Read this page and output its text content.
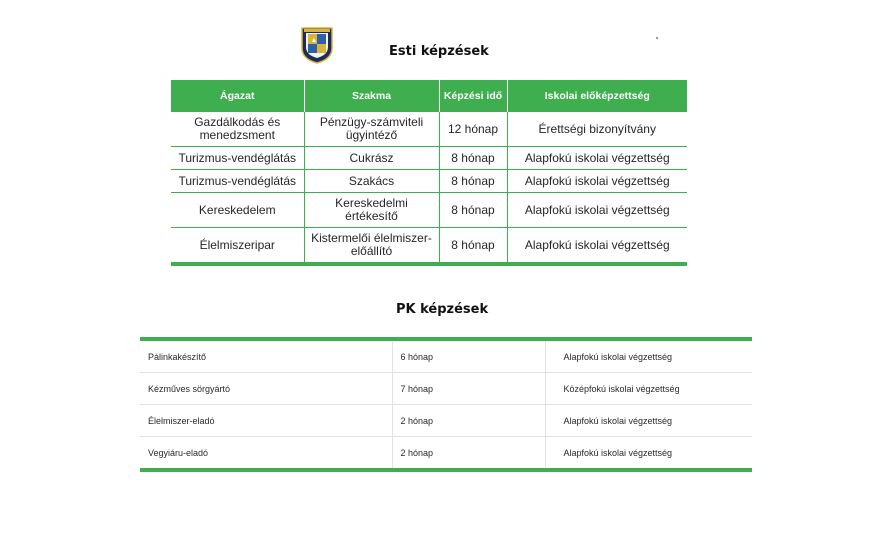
Esti képzések
Ágazat	Szakma	Képzési idő	Iskolai előképzettség
Gazdálkodás és menedzsment	Pénzügy-számviteli ügyintéző	12 hónap	Érettségi bizonyítvány
Turizmus-vendéglátás	Cukrász	8 hónap	Alapfokú iskolai végzettség
Turizmus-vendéglátás	Szakács	8 hónap	Alapfokú iskolai végzettség
Kereskedelem	Kereskedelmi értékesítő	8 hónap	Alapfokú iskolai végzettség
Élelmiszeripar	Kistermelői élelmiszer-előállító	8 hónap	Alapfokú iskolai végzettség
PK képzések
Pálinkakészítő	6 hónap	Alapfokú iskolai végzettség
Kézműves sörgyártó	7 hónap	Középfokú iskolai végzettség
Élelmiszer-eladó	2 hónap	Alapfokú iskolai végzettség
Vegyiáru-eladó	2 hónap	Alapfokú iskolai végzettség
